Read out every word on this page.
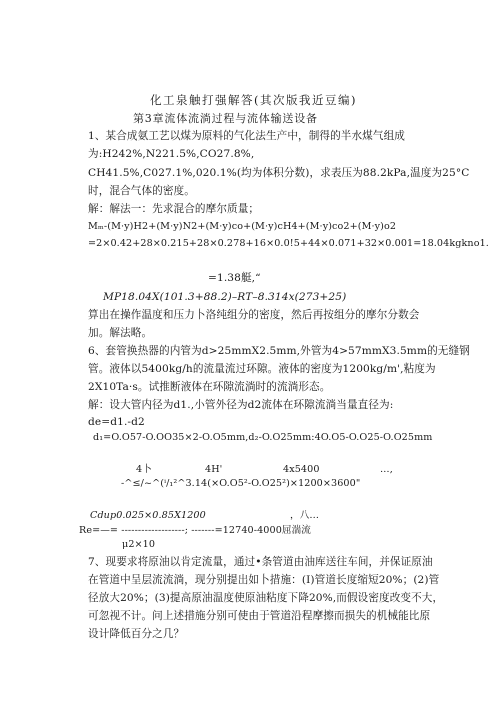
化工泉触打强解答(其次版我近豆编)
第3章流体流淌过程与流体输送设备
1、某合成氨工艺以煤为原料的气化法生产中，制得的半水煤气组成
为:H242%,N221.5%,CO27.8%,
CH41.5%,C027.1%,020.1%(均为体积分数)，求表压为88.2kPa,温度为25°C
时，混合气体的密度。
解：解法一：先求混合的摩尔质量；
Mₘ-(M·y)H2+(M·y)N2+(M·y)co+(M·y)cH4+(M·y)co2+(M·y)o2
=2×0.42+28×0.215+28×0.278+16×0.0!5+44×0.071+32×0.001=18.04kgkno1.
=1.38艇,“
MP18.04X(101.3+88.2)–RT–8.314x(273+25)
算出在操作温度和压力卜洛纯组分的密度，然后再按组分的摩尔分数会
加。解法略。
6、套管换热器的内管为d>25mmX2.5mm,外管为4>57mmX3.5mm的无缝钢
管。液体以5400kg∕h的流量流过环隙。液体的密度为1200kg∕m',粘度为
2X10Ta·s。试推断液体在环隙流淌时的流淌形态。
解：设大管内径为d1.,小管外径为d2流体在环隙流淌当量直径为:
de=d1.-d2
d₁=O.O57-O.OO35×2-O.O5mm,d₂-O.O25mm:4O.O5-O.O25-O.O25mm
4卜	4H'	4x5400	…,
-^≤/~^(ⁱ/₁²^3.14(×O.O5²-O.O25²)×1200×3600"
Cdup0.025×0.85X1200	，八…
Re=—= -------------------; -------=12740-4000屈湍流
μ2×10
7、现要求将原油以肯定流量，通过•条管道由油库送往车间，并保证原油
在管道中呈层流流淌，现分别提出如卜措施：(I)管道长度缩短20%；(2)管
径放大20%；(3)提高原油温度使原油粘度下降20%,而假设密度改变不大，
可忽视不计。问上述措施分别可使由于管道沿程摩擦而损失的机械能比原
设计降低百分之几？
